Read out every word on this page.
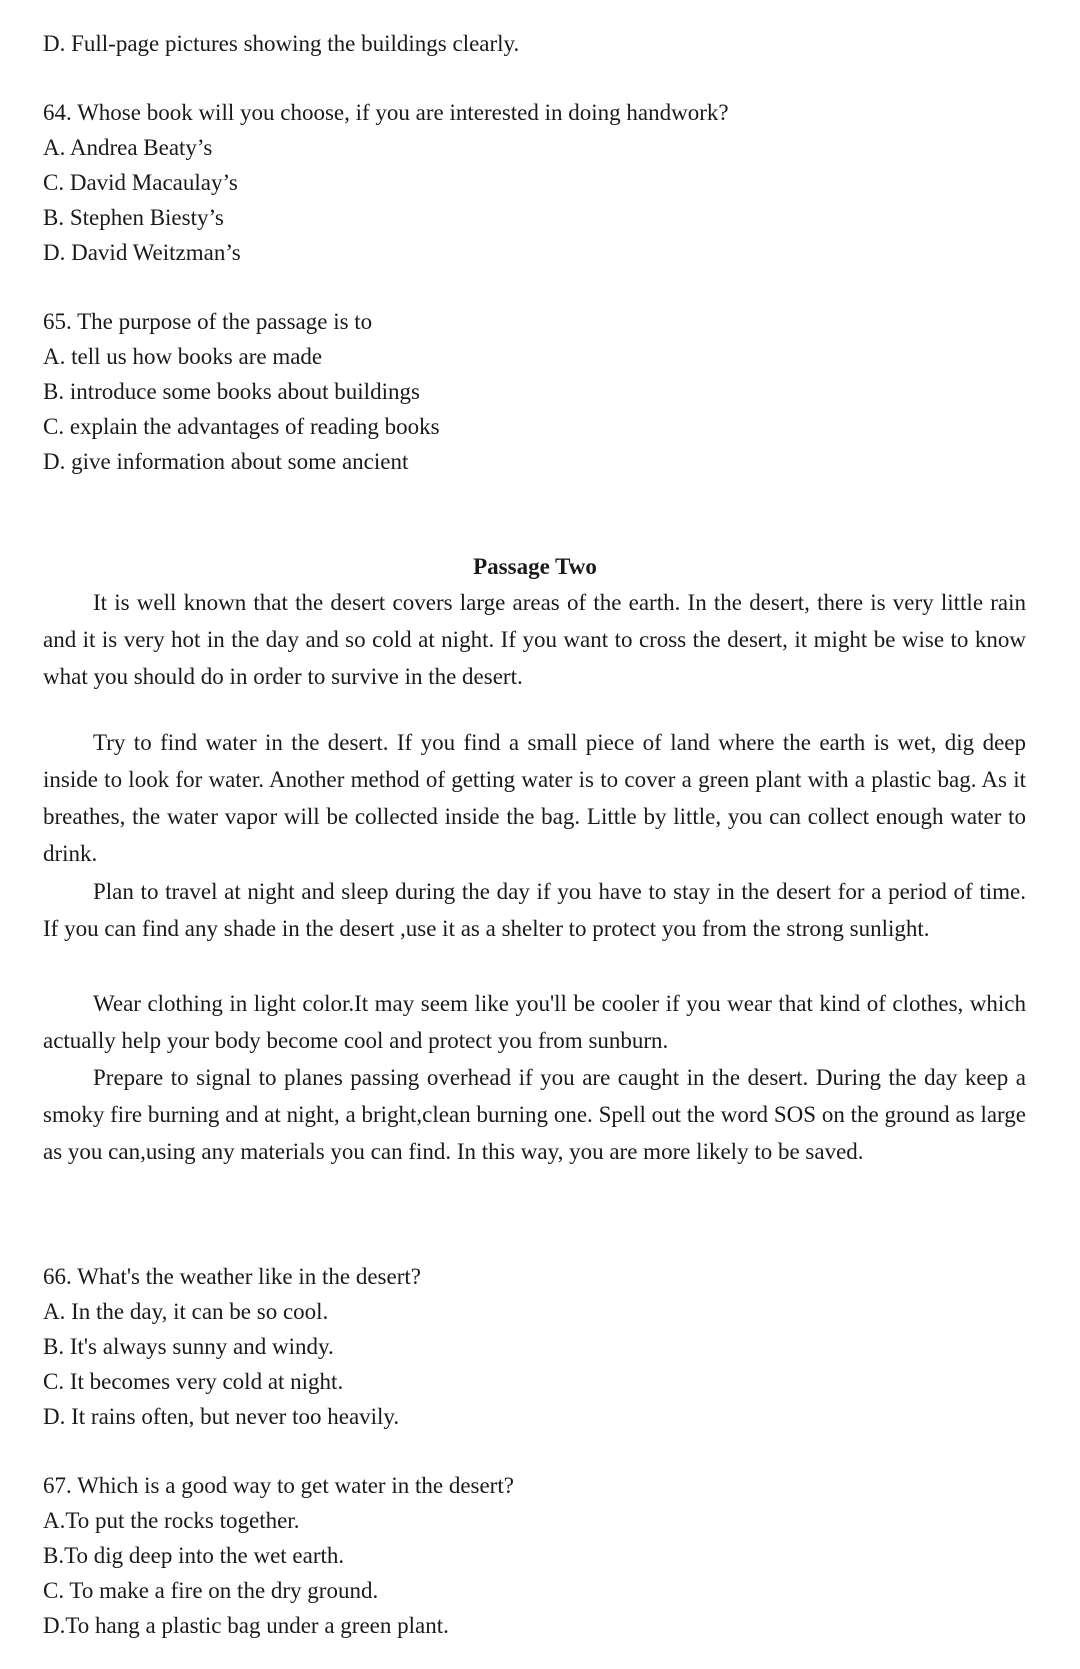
D. Full-page pictures showing the buildings clearly.
64. Whose book will you choose, if you are interested in doing handwork?
A. Andrea Beaty’s
C. David Macaulay’s
B. Stephen Biesty’s
D. David Weitzman’s
65. The purpose of the passage is to
A. tell us how books are made
B. introduce some books about buildings
C. explain the advantages of reading books
D. give information about some ancient
Passage Two

It is well known that the desert covers large areas of the earth. In the desert, there is very little rain and it is very hot in the day and so cold at night. If you want to cross the desert, it might be wise to know what you should do in order to survive in the desert.

Try to find water in the desert. If you find a small piece of land where the earth is wet, dig deep inside to look for water. Another method of getting water is to cover a green plant with a plastic bag. As it breathes, the water vapor will be collected inside the bag. Little by little, you can collect enough water to drink.

Plan to travel at night and sleep during the day if you have to stay in the desert for a period of time. If you can find any shade in the desert ,use it as a shelter to protect you from the strong sunlight.

Wear clothing in light color.It may seem like you'll be cooler if you wear that kind of clothes, which actually help your body become cool and protect you from sunburn.

Prepare to signal to planes passing overhead if you are caught in the desert. During the day keep a smoky fire burning and at night, a bright,clean burning one. Spell out the word SOS on the ground as large as you can,using any materials you can find. In this way, you are more likely to be saved.

66. What's the weather like in the desert?
A. In the day, it can be so cool.
B. It's always sunny and windy.
C. It becomes very cold at night.
D. It rains often, but never too heavily.
67. Which is a good way to get water in the desert?
A.To put the rocks together.
B.To dig deep into the wet earth.
C. To make a fire on the dry ground.
D.To hang a plastic bag under a green plant.
